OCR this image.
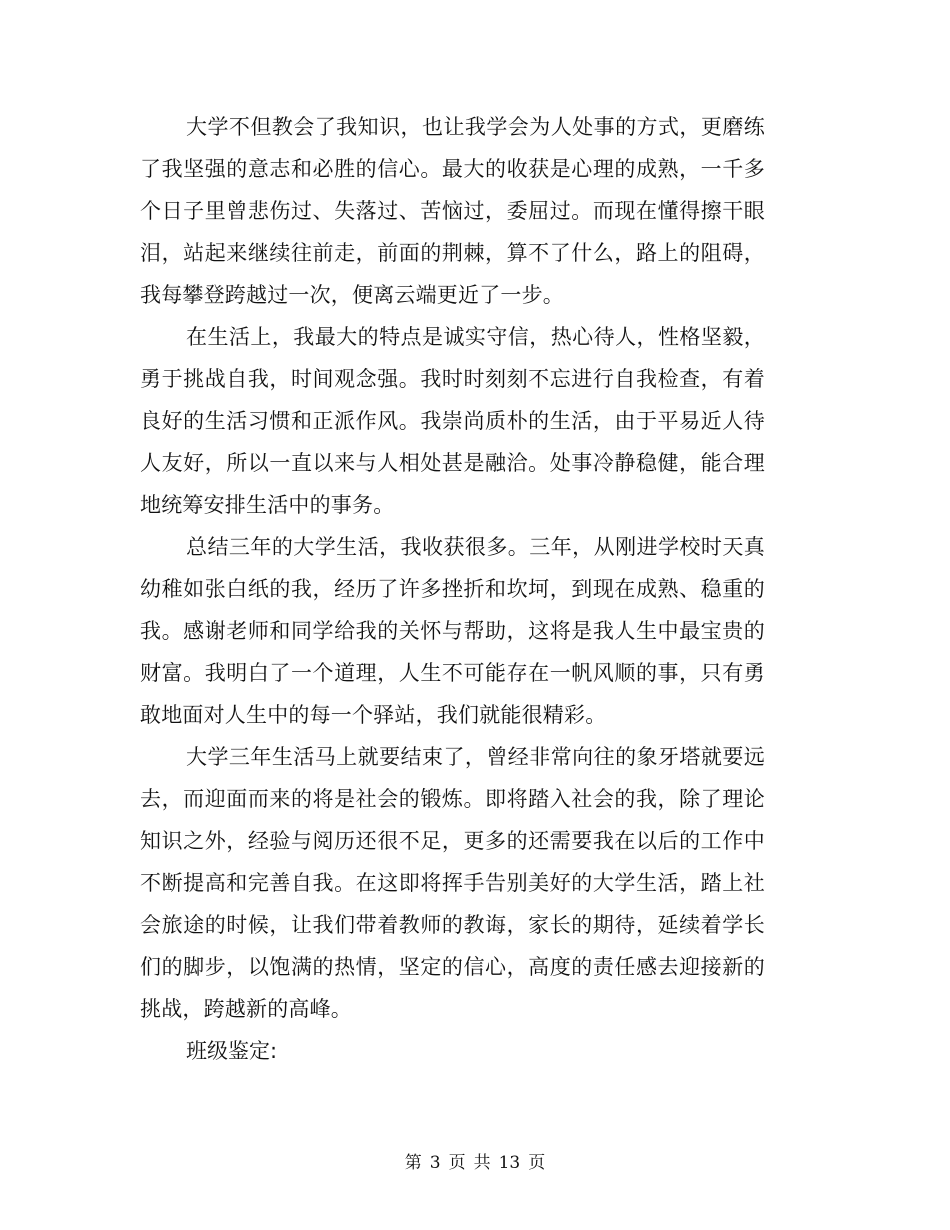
大学不但教会了我知识，也让我学会为人处事的方式，更磨练了我坚强的意志和必胜的信心。最大的收获是心理的成熟，一千多个日子里曾悲伤过、失落过、苦恼过，委屈过。而现在懂得擦干眼泪，站起来继续往前走，前面的荆棘，算不了什么，路上的阻碍，我每攀登跨越过一次，便离云端更近了一步。

在生活上，我最大的特点是诚实守信，热心待人，性格坚毅，勇于挑战自我，时间观念强。我时时刻刻不忘进行自我检查，有着良好的生活习惯和正派作风。我崇尚质朴的生活，由于平易近人待人友好，所以一直以来与人相处甚是融洽。处事冷静稳健，能合理地统筹安排生活中的事务。

总结三年的大学生活，我收获很多。三年，从刚进学校时天真幼稚如张白纸的我，经历了许多挫折和坎坷，到现在成熟、稳重的我。感谢老师和同学给我的关怀与帮助，这将是我人生中最宝贵的财富。我明白了一个道理，人生不可能存在一帆风顺的事，只有勇敢地面对人生中的每一个驿站，我们就能很精彩。

大学三年生活马上就要结束了，曾经非常向往的象牙塔就要远去，而迎面而来的将是社会的锻炼。即将踏入社会的我，除了理论知识之外，经验与阅历还很不足，更多的还需要我在以后的工作中不断提高和完善自我。在这即将挥手告别美好的大学生活，踏上社会旅途的时候，让我们带着教师的教诲，家长的期待，延续着学长们的脚步，以饱满的热情，坚定的信心，高度的责任感去迎接新的挑战，跨越新的高峰。

班级鉴定:

第 3 页 共 13 页
